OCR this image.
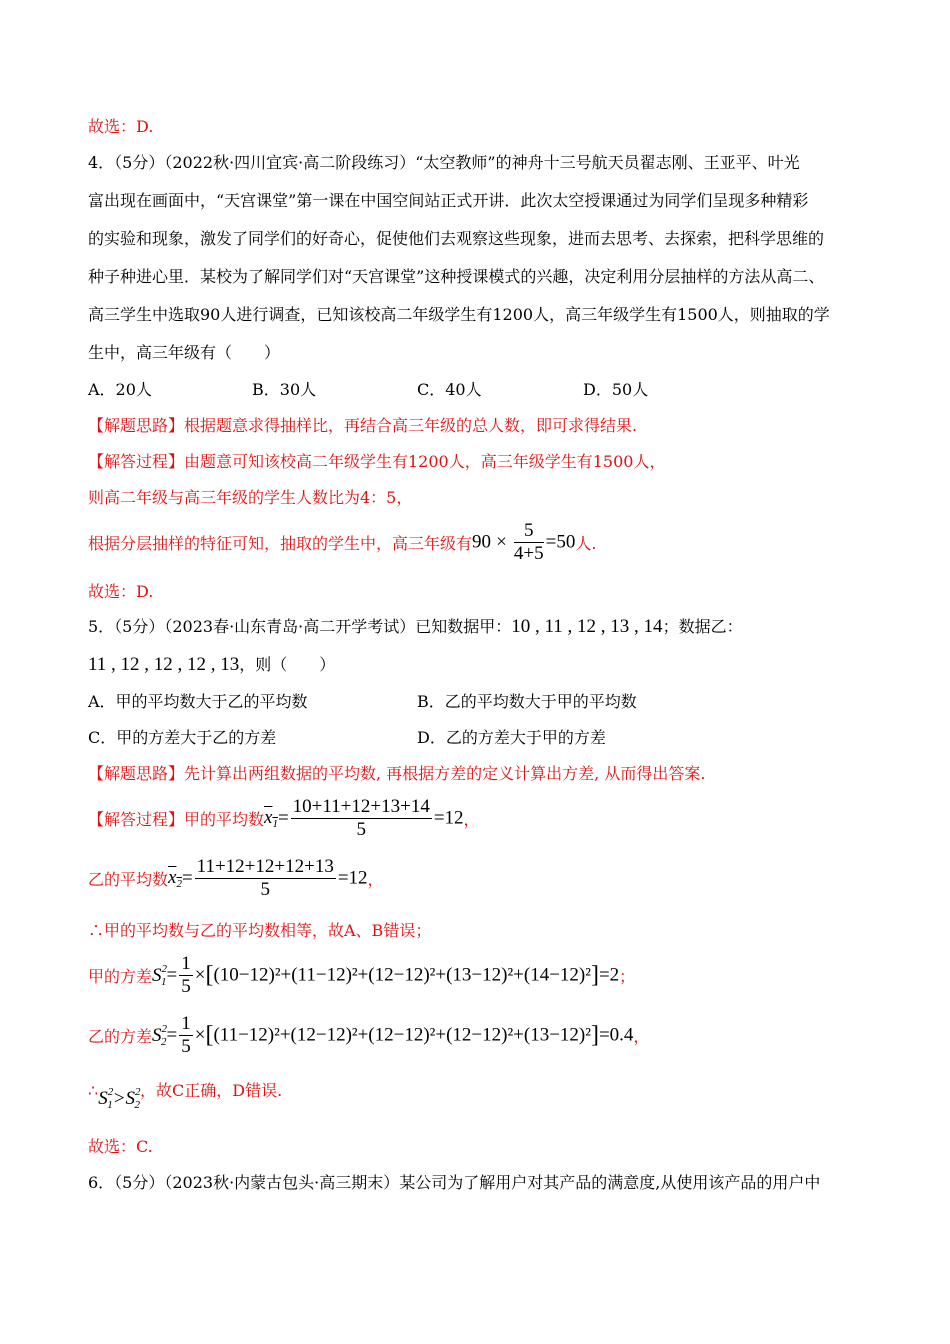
故选：D.
4．（5分）（2022秋·四川宜宾·高二阶段练习）“太空教师”的神舟十三号航天员翟志刚、王亚平、叶光
富出现在画面中，“天宫课堂”第一课在中国空间站正式开讲．此次太空授课通过为同学们呈现多种精彩
的实验和现象，激发了同学们的好奇心，促使他们去观察这些现象，进而去思考、去探索，把科学思维的
种子种进心里．某校为了解同学们对“天宫课堂”这种授课模式的兴趣，决定利用分层抽样的方法从高二、
高三学生中选取90人进行调查，已知该校高二年级学生有1200人，高三年级学生有1500人，则抽取的学
生中，高三年级有（　　）
A．20人	B．30人	C．40人	D．50人
【解题思路】根据题意求得抽样比，再结合高三年级的总人数，即可求得结果.
【解答过程】由题意可知该校高二年级学生有1200人，高三年级学生有1500人，
则高二年级与高三年级的学生人数比为4：5，
根据分层抽样的特征可知，抽取的学生中，高三年级有$90 \times \frac{5}{4+5} =50$人.
故选：D.
5．（5分）（2023春·山东青岛·高二开学考试）已知数据甲：10 , 11 , 12 , 13 , 14；数据乙：
11 , 12 , 12 , 12 , 13，则（　　）
A．甲的平均数大于乙的平均数	B．乙的平均数大于甲的平均数
C．甲的方差大于乙的方差	D．乙的方差大于甲的方差
【解题思路】先计算出两组数据的平均数, 再根据方差的定义计算出方差, 从而得出答案.
【解答过程】甲的平均数$x_1= \frac{10+11+12+13+14}{5} =12$，
乙的平均数$x_2= \frac{11+12+12+12+13}{5} =12$，
∴甲的平均数与乙的平均数相等，故A、B错误；
甲的方差$S^2_1= \frac{1}{5} \times[(10-12)^2+(11-12)^2+(12-12)^2+(13-12)^2+(14-12)^2]=2$；
乙的方差$S^2_2= \frac{1}{5} \times[(11-12)^2+(12-12)^2+(12-12)^2+(12-12)^2+(13-12)^2]=0.4$，
$\therefore S^2_1>S^2_2$，故C正确，D错误.
故选：C.
6．（5分）（2023秋·内蒙古包头·高三期末）某公司为了解用户对其产品的满意度,从使用该产品的用户中
